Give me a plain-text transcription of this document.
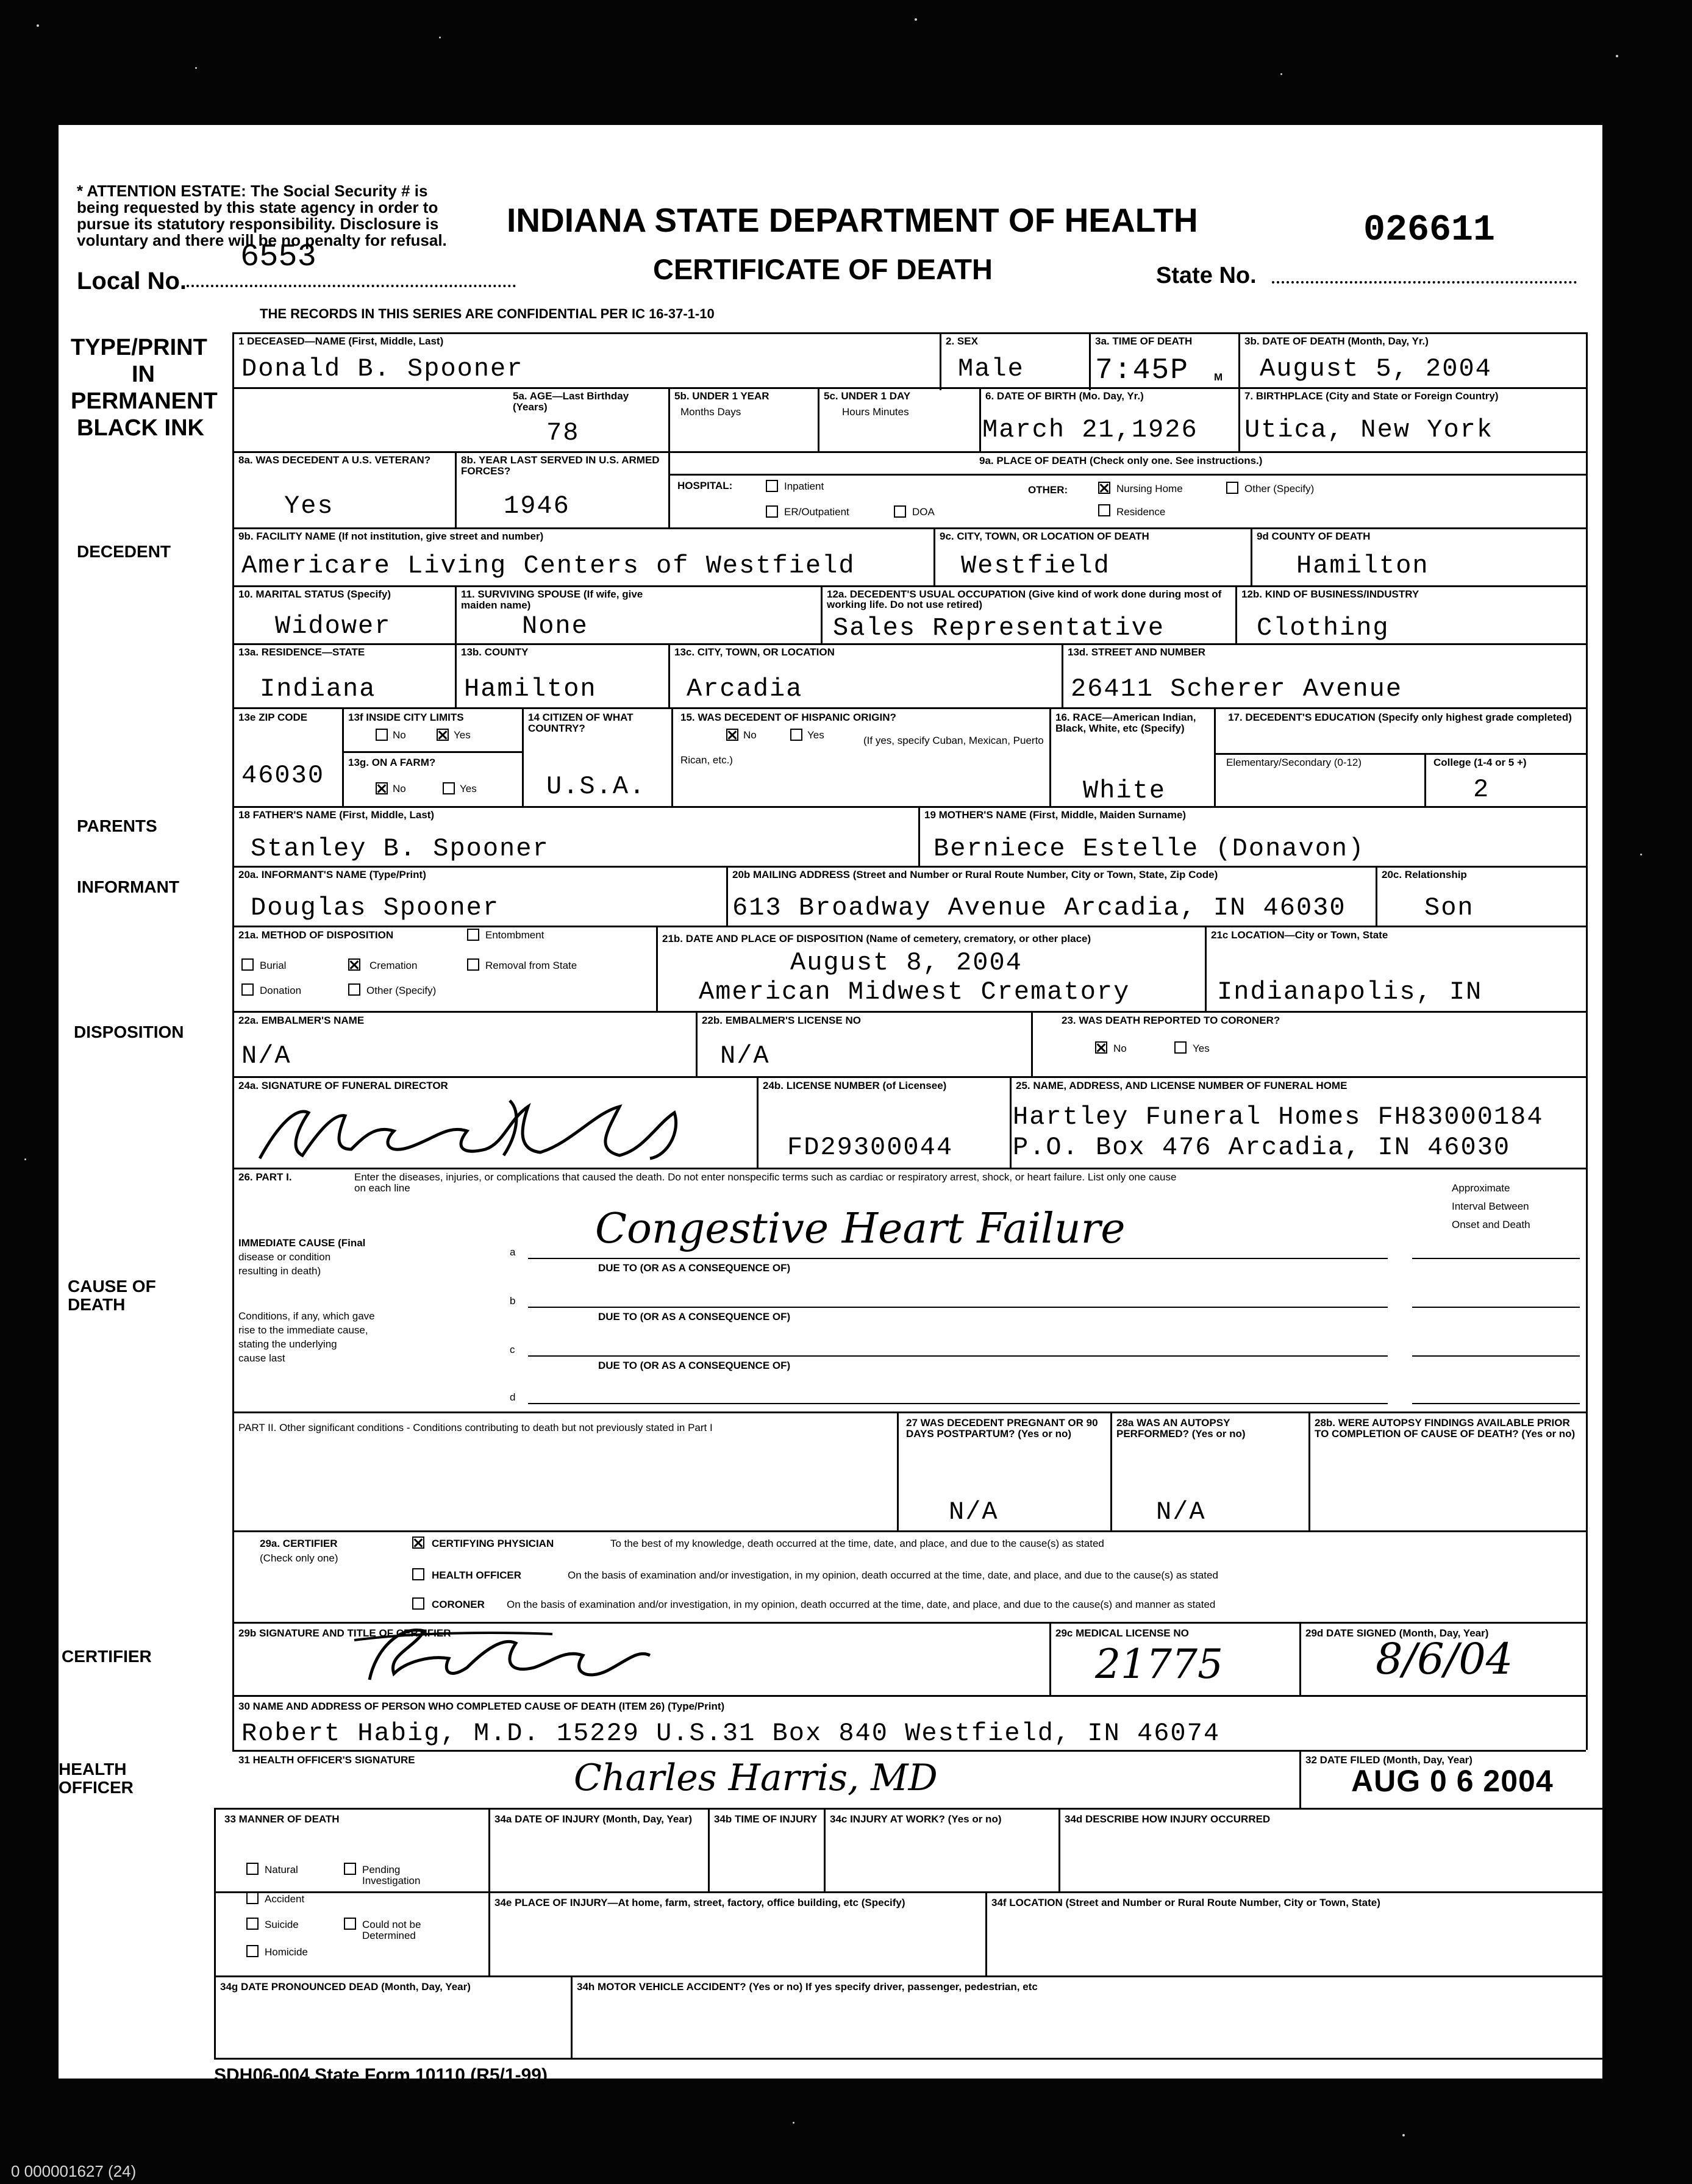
* ATTENTION ESTATE: The Social Security # is
being requested by this state agency in order to
pursue its statutory responsibility. Disclosure is
voluntary and there will be no penalty for refusal.
Local No.
6553
INDIANA STATE DEPARTMENT OF HEALTH
CERTIFICATE OF DEATH
026611
State No.
THE RECORDS IN THIS SERIES ARE CONFIDENTIAL PER IC 16-37-1-10
TYPE/PRINT
IN
PERMANENT
BLACK INK
DECEDENT
PARENTS
INFORMANT
DISPOSITION
CAUSE OF
DEATH
CERTIFIER
HEALTH
OFFICER
1 DECEASED—NAME (First, Middle, Last)
Donald B. Spooner
2. SEX
Male
3a. TIME OF DEATH
7:45P M
3b. DATE OF DEATH (Month, Day, Yr.)
August 5, 2004
5a. AGE—Last Birthday (Years)
78
5b. UNDER 1 YEAR
Months Days
5c. UNDER 1 DAY
Hours Minutes
6. DATE OF BIRTH (Mo. Day, Yr.)
March 21,1926
7. BIRTHPLACE (City and State or Foreign Country)
Utica, New York
8a. WAS DECEDENT A U.S. VETERAN?
Yes
8b. YEAR LAST SERVED IN U.S. ARMED FORCES?
1946
9a. PLACE OF DEATH (Check only one. See instructions.)
HOSPITAL:	Inpatient
ER/Outpatient	DOA
OTHER:	Nursing Home	Other (Specify)
Residence
9b. FACILITY NAME (If not institution, give street and number)
Americare Living Centers of Westfield
9c. CITY, TOWN, OR LOCATION OF DEATH
Westfield
9d COUNTY OF DEATH
Hamilton
10. MARITAL STATUS (Specify)
Widower
11. SURVIVING SPOUSE (If wife, give maiden name)
None
12a. DECEDENT'S USUAL OCCUPATION (Give kind of work done during most of working life. Do not use retired)
Sales Representative
12b. KIND OF BUSINESS/INDUSTRY
Clothing
13a. RESIDENCE—STATE
Indiana
13b. COUNTY
Hamilton
13c. CITY, TOWN, OR LOCATION
Arcadia
13d. STREET AND NUMBER
26411 Scherer Avenue
13e ZIP CODE
46030
13f INSIDE CITY LIMITS
No	Yes
13g. ON A FARM?
No	Yes
14 CITIZEN OF WHAT COUNTRY?
U.S.A.
15. WAS DECEDENT OF HISPANIC ORIGIN?
No	Yes	(If yes, specify Cuban, Mexican, Puerto Rican, etc.)
16. RACE—American Indian, Black, White, etc (Specify)
White
17. DECEDENT'S EDUCATION (Specify only highest grade completed)
Elementary/Secondary (0-12)	College (1-4 or 5 +)
2
18 FATHER'S NAME (First, Middle, Last)
Stanley B. Spooner
19 MOTHER'S NAME (First, Middle, Maiden Surname)
Berniece Estelle (Donavon)
20a. INFORMANT'S NAME (Type/Print)
Douglas Spooner
20b MAILING ADDRESS (Street and Number or Rural Route Number, City or Town, State, Zip Code)
613 Broadway Avenue Arcadia, IN 46030
20c. Relationship
Son
21a. METHOD OF DISPOSITION	Entombment
Burial	Cremation	Removal from State
Donation	Other (Specify)
21b. DATE AND PLACE OF DISPOSITION (Name of cemetery, crematory, or other place)
August 8, 2004
American Midwest Crematory
21c LOCATION—City or Town, State
Indianapolis, IN
22a. EMBALMER'S NAME
N/A
22b. EMBALMER'S LICENSE NO
N/A
23. WAS DEATH REPORTED TO CORONER?
No	Yes
24a. SIGNATURE OF FUNERAL DIRECTOR	24b. LICENSE NUMBER (of Licensee)
FD29300044
25. NAME, ADDRESS, AND LICENSE NUMBER OF FUNERAL HOME
Hartley Funeral Homes FH83000184
P.O. Box 476 Arcadia, IN 46030
26. PART I.	Enter the diseases, injuries, or complications that caused the death. Do not enter nonspecific terms such as cardiac or respiratory arrest, shock, or heart failure. List only one cause on each line	Approximate
Interval Between
Onset and Death
IMMEDIATE CAUSE (Final
disease or condition
resulting in death)
Conditions, if any, which gave
rise to the immediate cause,
stating the underlying
cause last
a
b
c
d
Congestive Heart Failure
DUE TO (OR AS A CONSEQUENCE OF)
DUE TO (OR AS A CONSEQUENCE OF)
DUE TO (OR AS A CONSEQUENCE OF)
PART II. Other significant conditions - Conditions contributing to death but not previously stated in Part I	27 WAS DECEDENT PREGNANT OR 90 DAYS POSTPARTUM? (Yes or no)
N/A
28a WAS AN AUTOPSY PERFORMED? (Yes or no)
N/A
28b. WERE AUTOPSY FINDINGS AVAILABLE PRIOR TO COMPLETION OF CAUSE OF DEATH? (Yes or no)
29a. CERTIFIER
(Check only one)
CERTIFYING PHYSICIAN	To the best of my knowledge, death occurred at the time, date, and place, and due to the cause(s) as stated
HEALTH OFFICER	On the basis of examination and/or investigation, in my opinion, death occurred at the time, date, and place, and due to the cause(s) as stated
CORONER On the basis of examination and/or investigation, in my opinion, death occurred at the time, date, and place, and due to the cause(s) and manner as stated
29b SIGNATURE AND TITLE OF CERTIFIER	29c MEDICAL LICENSE NO
21775
29d DATE SIGNED (Month, Day, Year)
8/6/04
30 NAME AND ADDRESS OF PERSON WHO COMPLETED CAUSE OF DEATH (ITEM 26) (Type/Print)
Robert Habig, M.D. 15229 U.S.31 Box 840 Westfield, IN 46074
31 HEALTH OFFICER'S SIGNATURE	Charles Harris, MD	32 DATE FILED (Month, Day, Year)
AUG 0 6 2004
33 MANNER OF DEATH
Natural	Pending Investigation
Accident
Suicide	Could not be Determined
Homicide
34a DATE OF INJURY (Month, Day, Year)	34b TIME OF INJURY 34c INJURY AT WORK? (Yes or no)	34d DESCRIBE HOW INJURY OCCURRED
34e PLACE OF INJURY—At home, farm, street, factory, office building, etc (Specify)	34f LOCATION (Street and Number or Rural Route Number, City or Town, State)
34g DATE PRONOUNCED DEAD (Month, Day, Year)	34h MOTOR VEHICLE ACCIDENT? (Yes or no) If yes specify driver, passenger, pedestrian, etc
SDH06-004 State Form 10110 (R5/1-99)
0 000001627 (24)
